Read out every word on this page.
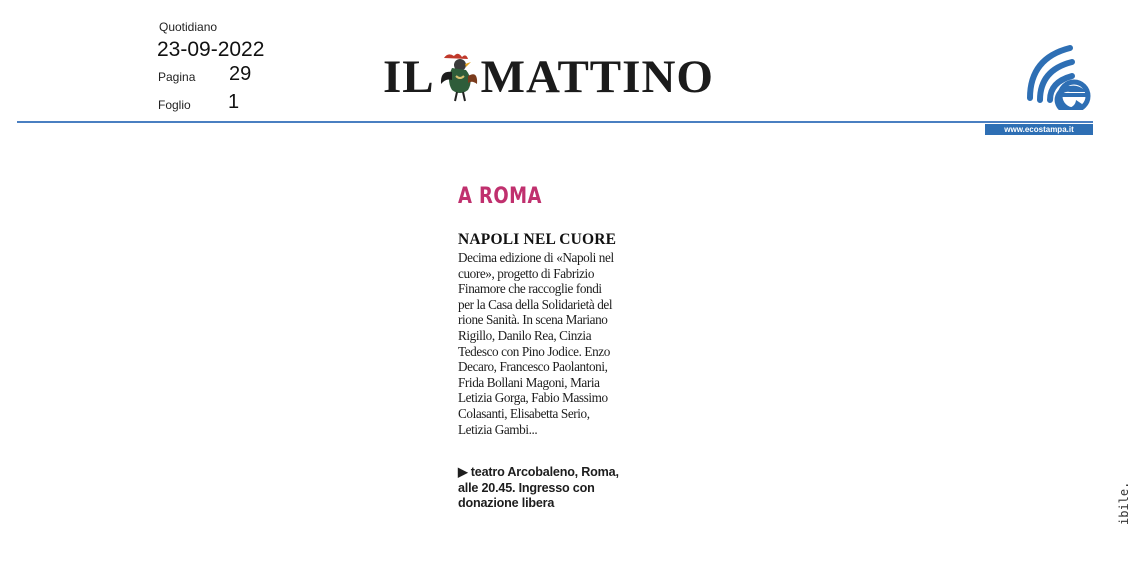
Quotidiano
23-09-2022
Pagina 29
Foglio 1	IL MATTINO
www.ecostampa.it
A ROMA
NAPOLI NEL CUORE
Decima edizione di «Napoli nel
cuore», progetto di Fabrizio
Finamore che raccoglie fondi
per la Casa della Solidarietà del
rione Sanità. In scena Mariano
Rigillo, Danilo Rea, Cinzia
Tedesco con Pino Jodice. Enzo
Decaro, Francesco Paolantoni,
Frida Bollani Magoni, Maria
Letizia Gorga, Fabio Massimo
Colasanti, Elisabetta Serio,
Letizia Gambi...
▶ teatro Arcobaleno, Roma,
alle 20.45. Ingresso con
donazione libera	ibile.
